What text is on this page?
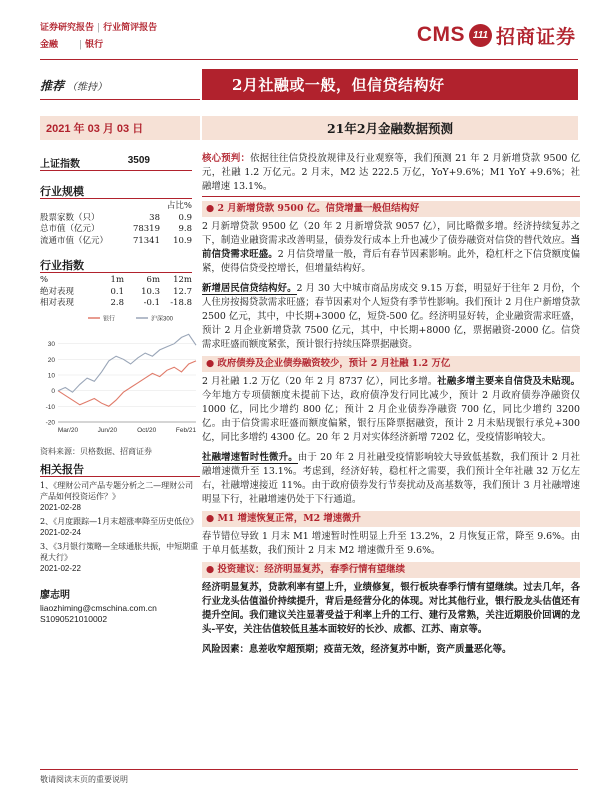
证券研究报告 | 行业简评报告
金融　　| 银行	CMS 111 招商证券
推荐 （维持）	2月社融或一般，但信贷结构好
2021 年 03 月 03 日	21年2月金融数据预测
上证指数	3509
行业规模
占比%
股票家数（只）	38	0.9
总市值（亿元）	78319	9.8
流通市值（亿元）	71341	10.9
行业指数
%	1m	6m	12m
绝对表现	0.1	10.3	12.7
相对表现	2.8	-0.1	-18.8
30
20
10
0
-10
-20
Mar/20	Jun/20	Oct/20	Feb/21
银行	沪深300
资料来源：贝格数据、招商证券
相关报告
1、《理财公司产品专题分析之二—理财公司产品如何投资运作？》
2021-02-28
2、《月度跟踪—1月末超涨率降至历史低位》
2021-02-24
3、《3月银行策略—全球通胀共振，中短期重视大行》
2021-02-22
廖志明
liaozhiming@cmschina.com.cn
S1090521010002

核心预判：依据往往信贷投放规律及行业观察等，我们预测 21 年 2 月新增贷款 9500 亿元，社融 1.2 万亿元。2 月末，M2 达 222.5 万亿，YoY+9.6%；M1 YoY +9.6%；社融增速 13.1%。

● 2 月新增贷款 9500 亿。信贷增量一般但结构好

2 月新增贷款 9500 亿（20 年 2 月新增贷款 9057 亿），同比略微多增。经济持续复苏之下，制造业融资需求改善明显，债券发行成本上升也减少了债券融资对信贷的替代效应。当前信贷需求旺盛。2 月信贷增量一般，背后有春节因素影响。此外，稳杠杆之下信贷额度偏紧，使得信贷受控增长，但增量结构好。

新增居民信贷结构好。2 月 30 大中城市商品房成交 9.15 万套，明显好于往年 2 月份，个人住房按揭贷款需求旺盛；春节因素对个人短贷有季节性影响。我们预计 2 月住户新增贷款 2500 亿元，其中，中长期+3000 亿，短贷-500 亿。经济明显好转，企业融资需求旺盛，预计 2 月企业新增贷款 7500 亿元，其中，中长期+8000 亿，票据融资-2000 亿。信贷需求旺盛而额度紧张，预计银行持续压降票据融资。

● 政府债券及企业债券融资较少，预计 2 月社融 1.2 万亿

2 月社融 1.2 万亿（20 年 2 月 8737 亿），同比多增。社融多增主要来自信贷及未贴现。今年地方专项债额度未提前下达，政府债净发行同比减少，预计 2 月政府债券净融资仅 1000 亿，同比少增约 800 亿；预计 2 月企业债券净融资 700 亿，同比少增约 3200 亿。由于信贷需求旺盛而额度偏紧，银行压降票据融资，预计 2 月未贴现银行承兑+300 亿，同比多增约 4300 亿。20 年 2 月对实体经济新增 7202 亿，受疫情影响较大。

社融增速暂时性微升。由于 20 年 2 月社融受疫情影响较大导致低基数，我们预计 2 月社融增速微升至 13.1%。考虑到，经济好转，稳杠杆之需要，我们预计全年社融 32 万亿左右，社融增速接近 11%。由于政府债券发行节奏扰动及高基数等，我们预计 3 月社融增速明显下行，社融增速仍处于下行通道。

● M1 增速恢复正常，M2 增速微升

春节错位导致 1 月末 M1 增速暂时性明显上升至 13.2%，2 月恢复正常，降至 9.6%。由于单月低基数，我们预计 2 月末 M2 增速微升至 9.6%。

● 投资建议：经济明显复苏，春季行情有望继续

经济明显复苏，贷款利率有望上升，业绩修复，银行板块春季行情有望继续。过去几年，各行业龙头估值溢价持续提升，背后是经营分化的体现。对比其他行业，银行股龙头估值还有提升空间。我们建议关注显著受益于利率上升的工行、建行及常熟，关注近期股价回调的龙头-平安，关注估值较低且基本面较好的长沙、成都、江苏、南京等。

风险因素：息差收窄超预期；疫苗无效，经济复苏中断，资产质量恶化等。

敬请阅读末页的重要说明
